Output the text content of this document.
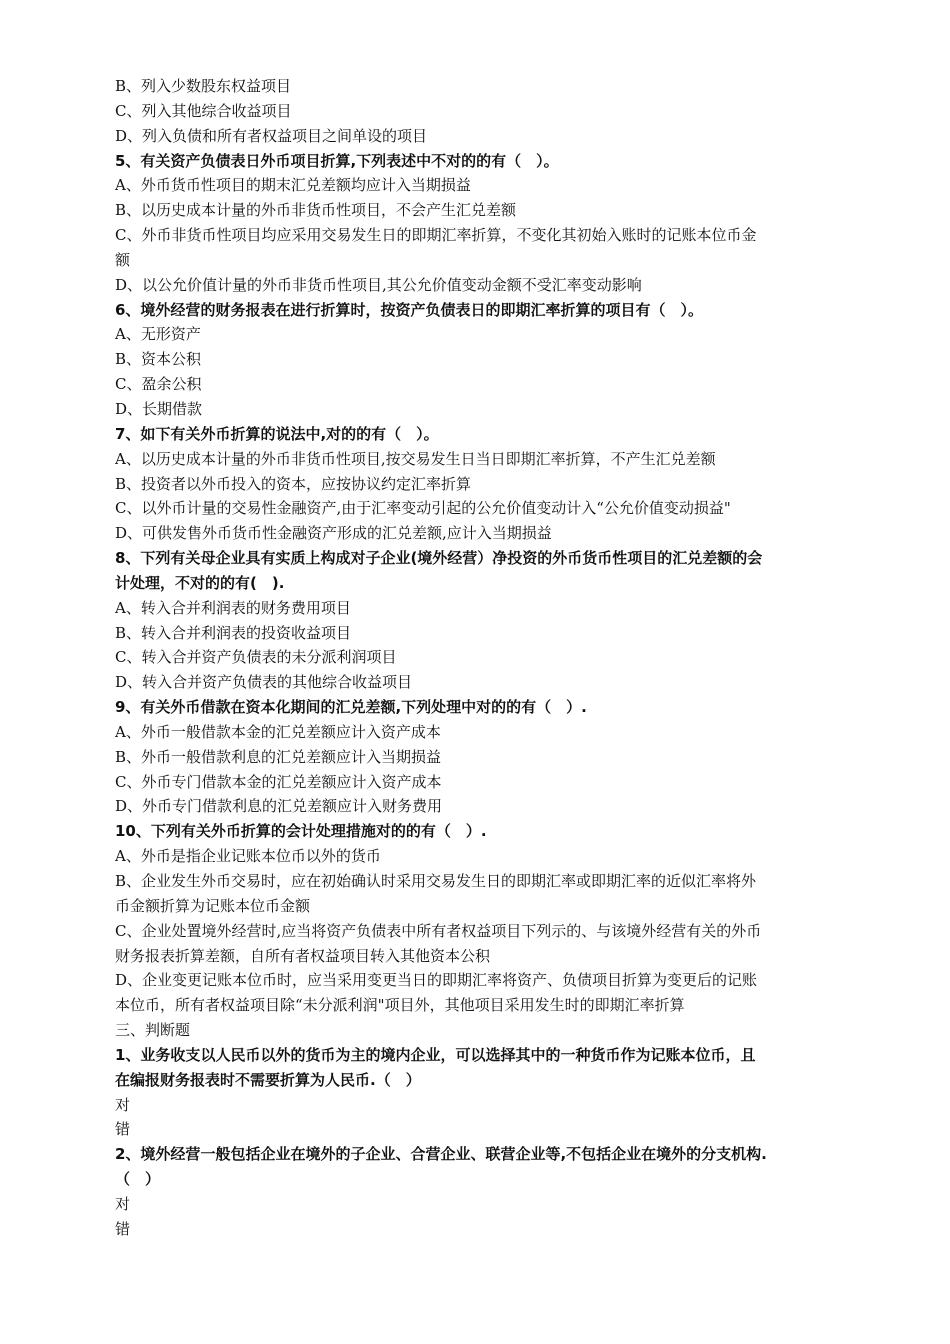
B、列入少数股东权益项目
C、列入其他综合收益项目
D、列入负债和所有者权益项目之间单设的项目
5、有关资产负债表日外币项目折算,下列表述中不对的的有（　）。
A、外币货币性项目的期末汇兑差额均应计入当期损益
B、以历史成本计量的外币非货币性项目，不会产生汇兑差额
C、外币非货币性项目均应采用交易发生日的即期汇率折算，不变化其初始入账时的记账本位币金
额
D、以公允价值计量的外币非货币性项目,其公允价值变动金额不受汇率变动影响
6、境外经营的财务报表在进行折算时，按资产负债表日的即期汇率折算的项目有（　）。
A、无形资产
B、资本公积
C、盈余公积
D、长期借款
7、如下有关外币折算的说法中,对的的有（　）。
A、以历史成本计量的外币非货币性项目,按交易发生日当日即期汇率折算，不产生汇兑差额
B、投资者以外币投入的资本，应按协议约定汇率折算
C、以外币计量的交易性金融资产,由于汇率变动引起的公允价值变动计入“公允价值变动损益"
D、可供发售外币货币性金融资产形成的汇兑差额,应计入当期损益
8、下列有关母企业具有实质上构成对子企业(境外经营）净投资的外币货币性项目的汇兑差额的会
计处理，不对的的有(　).
A、转入合并利润表的财务费用项目
B、转入合并利润表的投资收益项目
C、转入合并资产负债表的未分派利润项目
D、转入合并资产负债表的其他综合收益项目
9、有关外币借款在资本化期间的汇兑差额,下列处理中对的的有（　）.
A、外币一般借款本金的汇兑差额应计入资产成本
B、外币一般借款利息的汇兑差额应计入当期损益
C、外币专门借款本金的汇兑差额应计入资产成本
D、外币专门借款利息的汇兑差额应计入财务费用
10、下列有关外币折算的会计处理措施对的的有（　）.
A、外币是指企业记账本位币以外的货币
B、企业发生外币交易时，应在初始确认时采用交易发生日的即期汇率或即期汇率的近似汇率将外
币金额折算为记账本位币金额
C、企业处置境外经营时,应当将资产负债表中所有者权益项目下列示的、与该境外经营有关的外币
财务报表折算差额，自所有者权益项目转入其他资本公积
D、企业变更记账本位币时，应当采用变更当日的即期汇率将资产、负债项目折算为变更后的记账
本位币，所有者权益项目除“未分派利润"项目外，其他项目采用发生时的即期汇率折算
三、判断题
1、业务收支以人民币以外的货币为主的境内企业，可以选择其中的一种货币作为记账本位币，且
在编报财务报表时不需要折算为人民币.（　）
对
错
2、境外经营一般包括企业在境外的子企业、合营企业、联营企业等,不包括企业在境外的分支机构.
（　）
对
错
